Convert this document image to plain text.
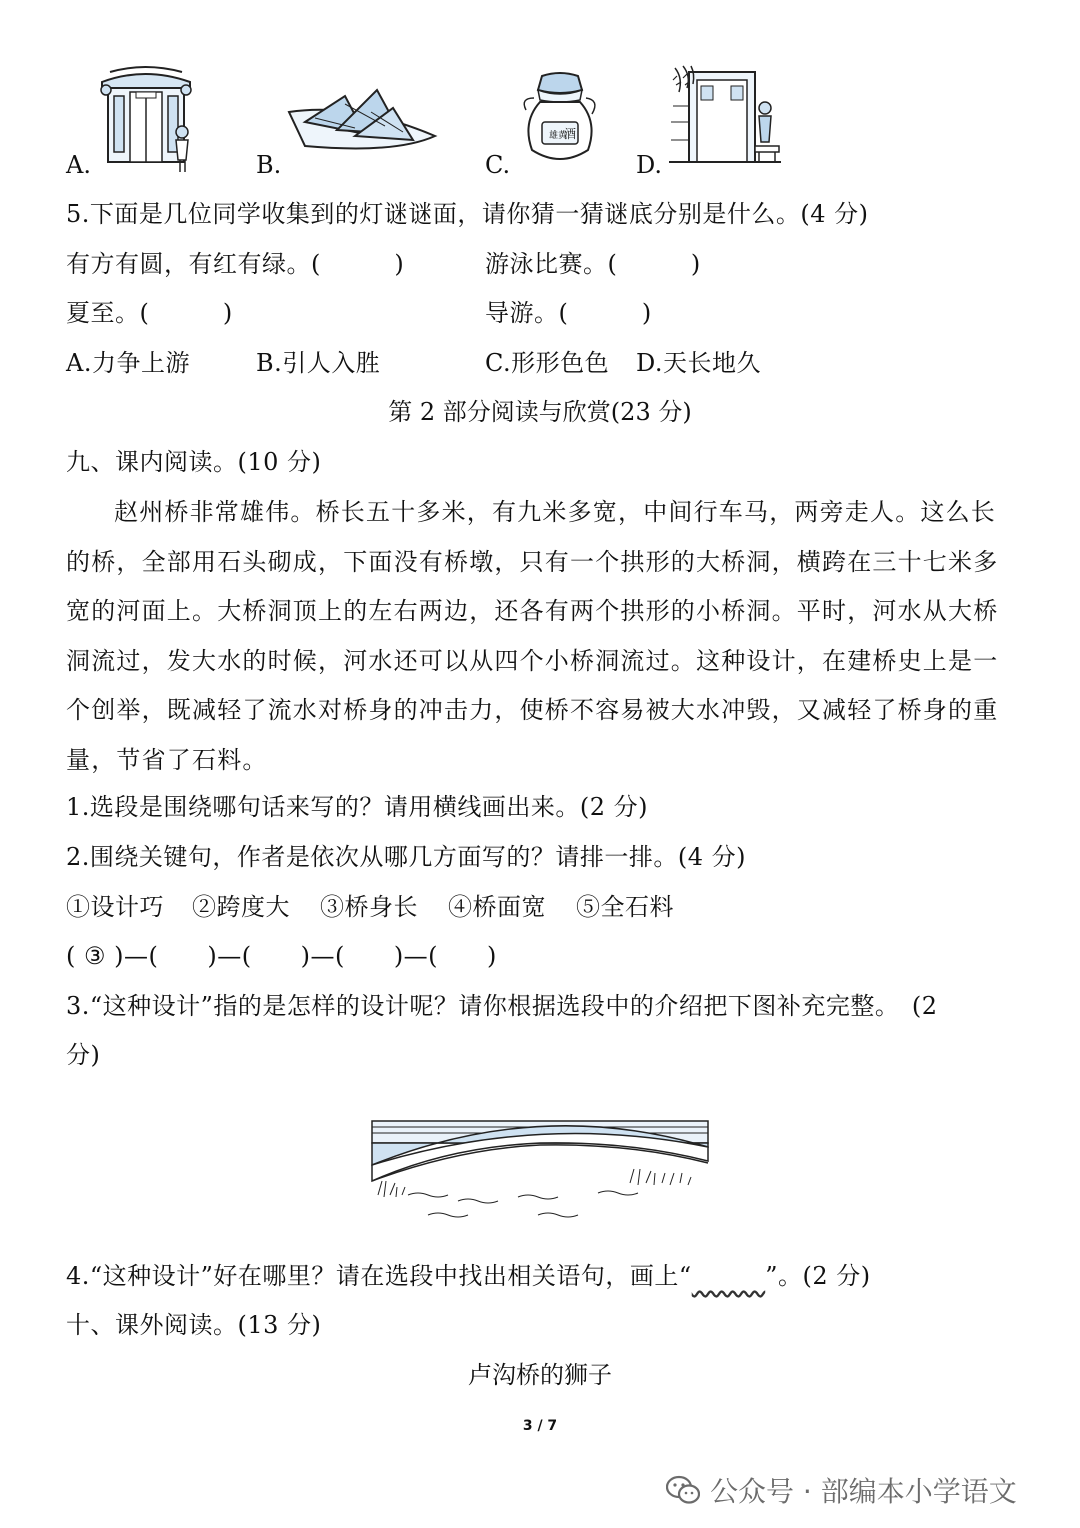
雄黄
酒
A.	B.	C.	D.
5.下面是几位同学收集到的灯谜谜面，请你猜一猜谜底分别是什么。(4 分)
有方有圆，有红有绿。(　　　)	游泳比赛。(　　　)
夏至。(　　　)	导游。(　　　)
A.力争上游	B.引人入胜	C.形形色色 D.天长地久
第 2 部分阅读与欣赏(23 分)
九、课内阅读。(10 分)

赵州桥非常雄伟。桥长五十多米，有九米多宽，中间行车马，两旁走人。这么长的桥，全部用石头砌成，下面没有桥墩，只有一个拱形的大桥洞，横跨在三十七米多宽的河面上。大桥洞顶上的左右两边，还各有两个拱形的小桥洞。平时，河水从大桥洞流过，发大水的时候，河水还可以从四个小桥洞流过。这种设计，在建桥史上是一个创举，既减轻了流水对桥身的冲击力，使桥不容易被大水冲毁，又减轻了桥身的重量，节省了石料。

1.选段是围绕哪句话来写的？请用横线画出来。(2 分)
2.围绕关键句，作者是依次从哪几方面写的？请排一排。(4 分)
①设计巧 ②跨度大 ③桥身长 ④桥面宽 ⑤全石料
( ③ )—(　　)—(　　)—(　　)—(　　)
3.“这种设计”指的是怎样的设计呢？请你根据选段中的介绍把下图补充完整。　(2
分)
4.“这种设计”好在哪里？请在选段中找出相关语句，画上“　　　	”。(2 分)
十、课外阅读。(13 分)
卢沟桥的狮子
3 / 7
公众号 · 部编本小学语文
